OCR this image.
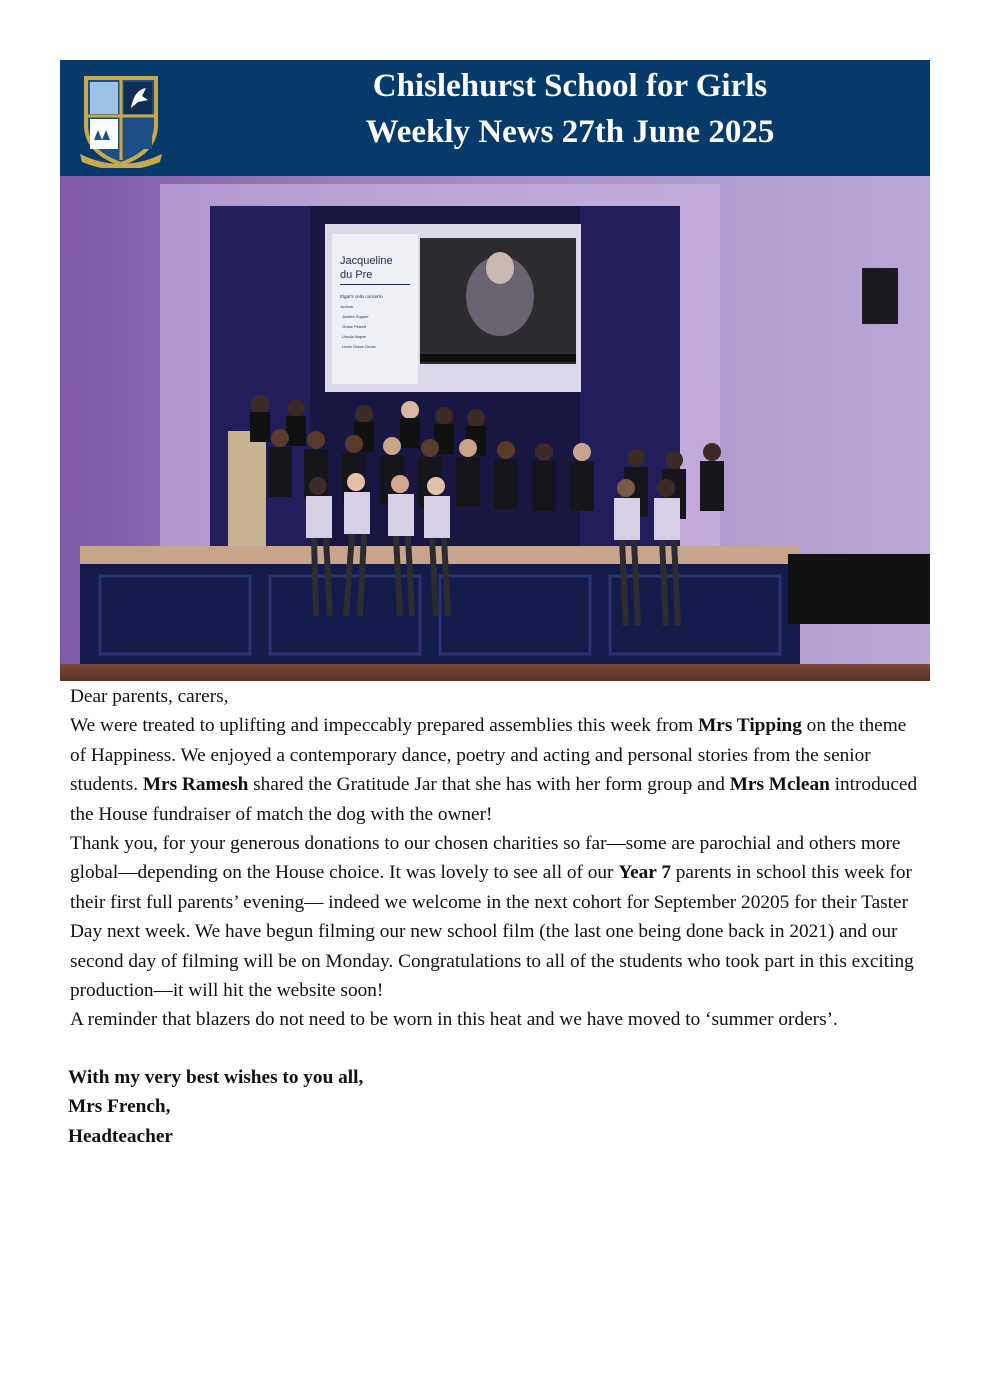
Chislehurst School for Girls
Weekly News 27th June 2025
Jacqueline
du Pre
Elgar's cello concerto
Juniors
Jubilee Supper
Grace Pickett
Ursula Napier
Linah Grace Gross

Dear parents, carers,

We were treated to uplifting and impeccably prepared assemblies this week from Mrs Tipping on the theme of Happiness. We enjoyed a contemporary dance, poetry and acting and personal stories from the senior students. Mrs Ramesh shared the Gratitude Jar that she has with her form group and Mrs Mclean introduced the House fundraiser of match the dog with the owner!

Thank you, for your generous donations to our chosen charities so far—some are parochial and others more global—depending on the House choice. It was lovely to see all of our Year 7 parents in school this week for their first full parents’ evening— indeed we welcome in the next cohort for September 20205 for their Taster Day next week. We have begun filming our new school film (the last one being done back in 2021) and our second day of filming will be on Monday. Congratulations to all of the students who took part in this exciting production—it will hit the website soon!

A reminder that blazers do not need to be worn in this heat and we have moved to ‘summer orders’.

With my very best wishes to you all,
Mrs French,
Headteacher
